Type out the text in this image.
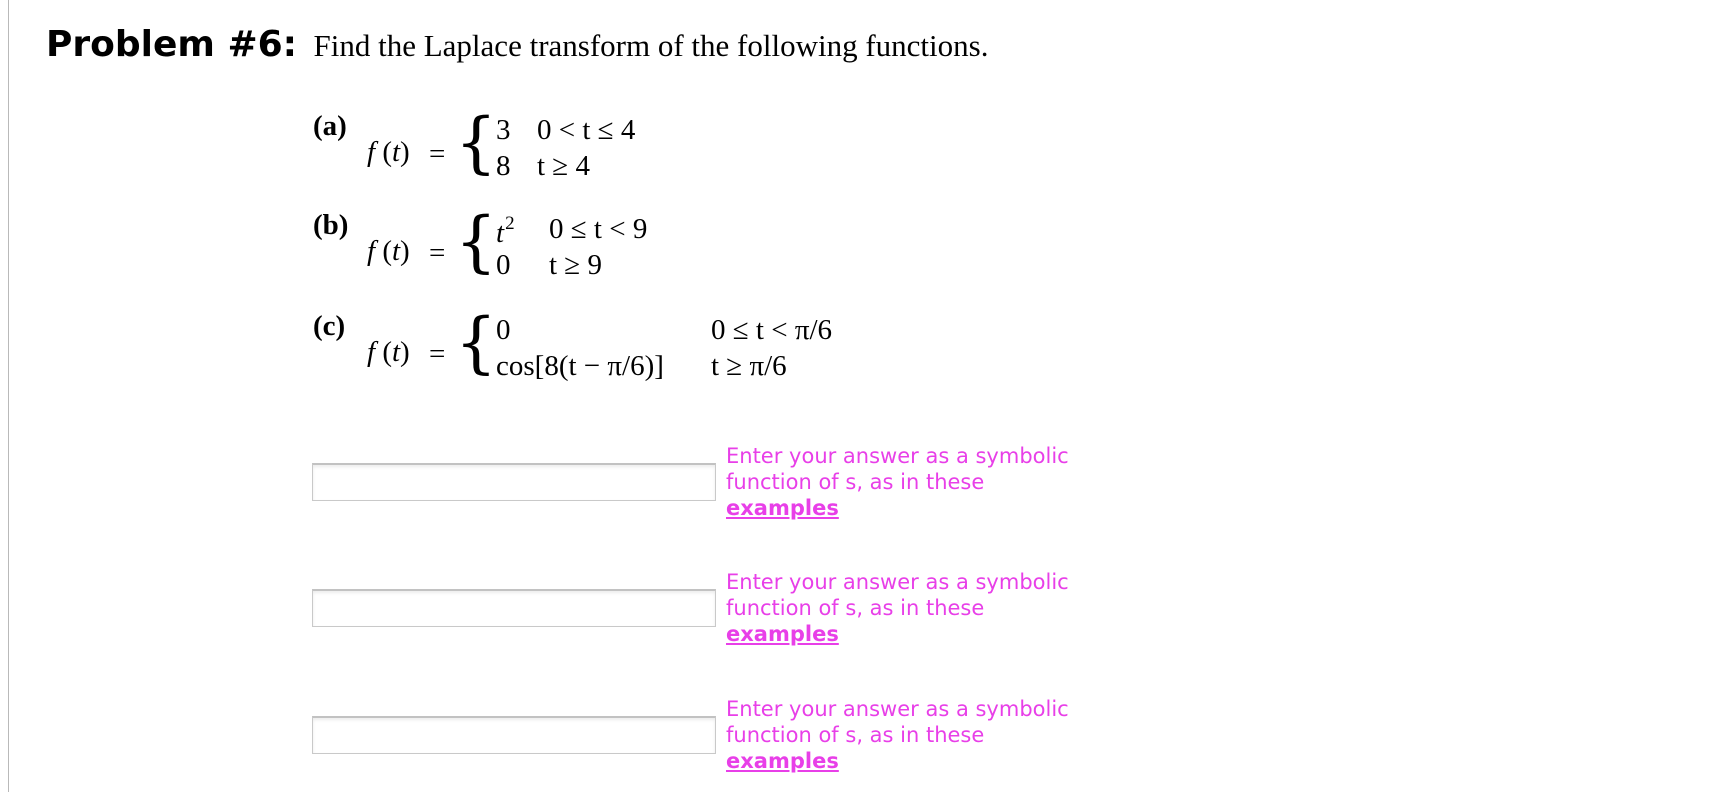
Problem #6: Find the Laplace transform of the following functions.
(a)
f (t) = { 3 0 < t ≤ 4
8 t ≥ 4
(b)
f (t) = { $t^2$ 0 ≤ t < 9
0 t ≥ 9
(c)
f (t) = { 0	0 ≤ t < π/6
cos[8(t − π/6)] t ≥ π/6
Enter your answer as a symbolic function of s, as in these
examples
Enter your answer as a symbolic function of s, as in these
examples
Enter your answer as a symbolic function of s, as in these
examples
